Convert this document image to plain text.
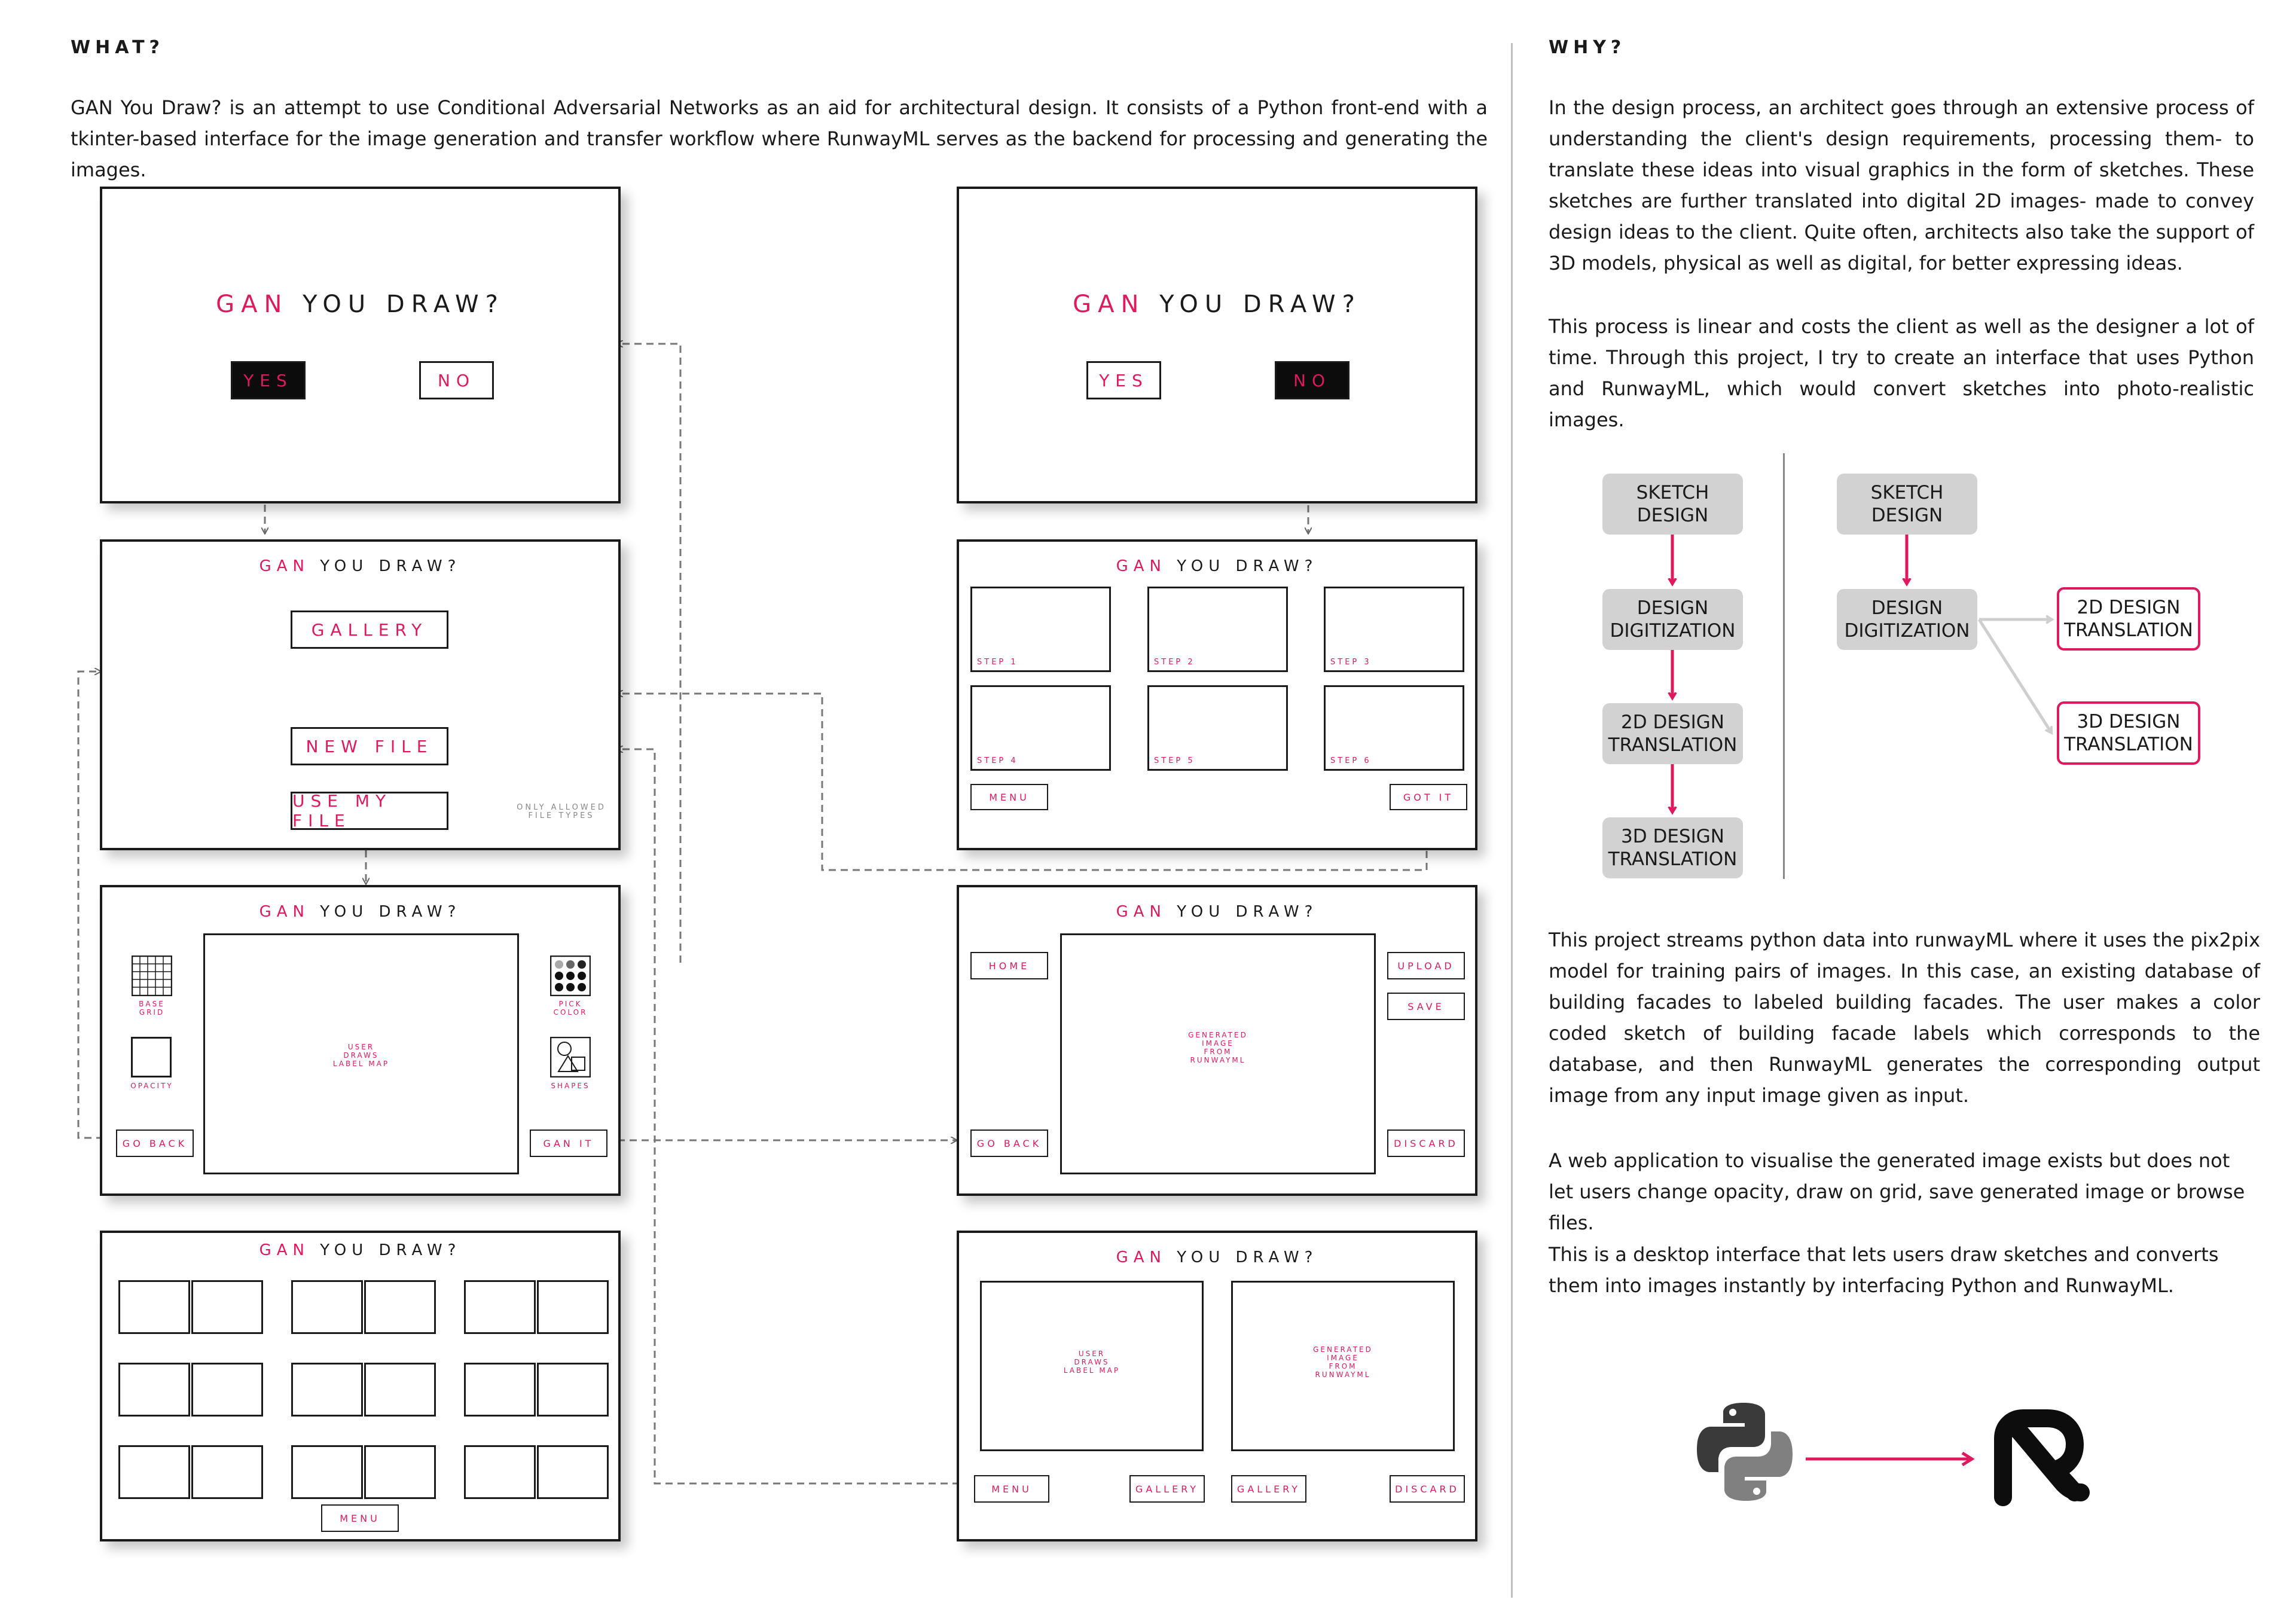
WHAT?
GAN You Draw? is an attempt to use Conditional Adversarial Networks as an aid for architectural design. It consists of a Python front-end with a tkinter-based interface for the image generation and transfer workflow where RunwayML serves as the backend for processing and generating the images.
WHY?
In the design process, an architect goes through an extensive process of understanding the client's design requirements, processing them- to translate these ideas into visual graphics in the form of sketches. These sketches are further translated into digital 2D images- made to convey design ideas to the client. Quite often, architects also take the support of 3D models, physical as well as digital, for better expressing ideas.
This process is linear and costs the client as well as the designer a lot of time. Through this project, I try to create an interface that uses Python and RunwayML, which would convert sketches into photo-realistic images.
This project streams python data into runwayML where it uses the pix2pix model for training pairs of images. In this case, an existing database of building facades to labeled building facades. The user makes a color coded sketch of building facade labels which corresponds to the database, and then RunwayML generates the corresponding output image from any input image given as input.
A web application to visualise the generated image exists but does not let users change opacity, draw on grid, save generated image or browse files.
This is a desktop interface that lets users draw sketches and converts them into images instantly by interfacing Python and RunwayML.
GAN YOU DRAW?
YES	NO
GAN YOU DRAW?
YES	NO
GAN YOU DRAW?
GALLERY
NEW FILE
USE MY FILE
ONLY ALLOWED
FILE TYPES
GAN YOU DRAW?
STEP 1	STEP 2	STEP 3
STEP 4	STEP 5	STEP 6
MENU	GOT IT
GAN YOU DRAW?
BASE
GRID
OPACITY
USER
DRAWS
LABEL MAP
PICK
COLOR
SHAPES
GO BACK	GAN IT
GAN YOU DRAW?
HOME
GO BACK
GENERATED
IMAGE
FROM
RUNWAYML
UPLOAD
SAVE
DISCARD
GAN YOU DRAW?
MENU
GAN YOU DRAW?
USER
DRAWS
LABEL MAP
GENERATED
IMAGE
FROM
RUNWAYML
MENU	GALLERY	GALLERY	DISCARD
SKETCH
DESIGN
DESIGN
DIGITIZATION
2D DESIGN
TRANSLATION
3D DESIGN
TRANSLATION
SKETCH
DESIGN
DESIGN
DIGITIZATION
2D DESIGN
TRANSLATION
3D DESIGN
TRANSLATION
